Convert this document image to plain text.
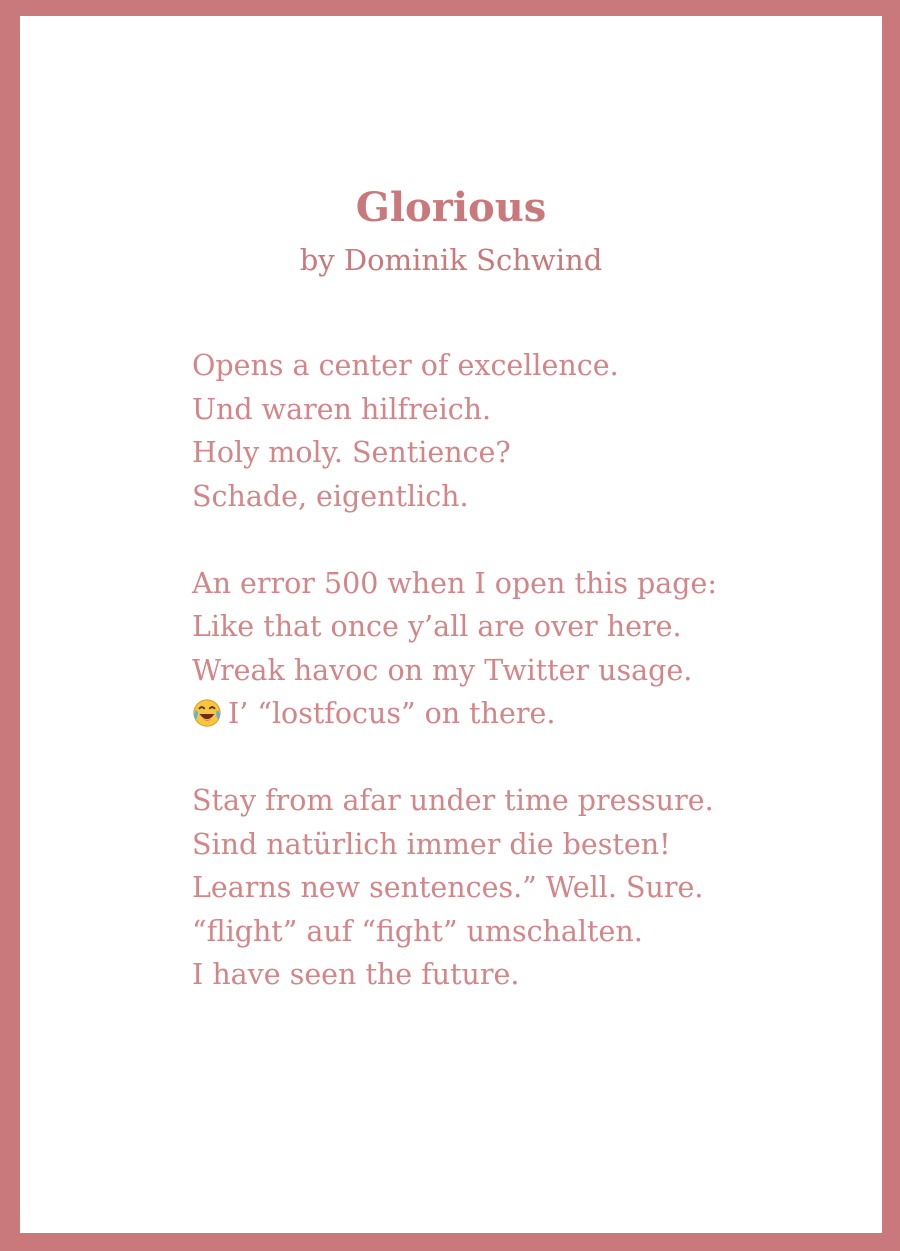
Glorious
by Dominik Schwind
Opens a center of excellence.
Und waren hilfreich.
Holy moly. Sentience?
Schade, eigentlich.
An error 500 when I open this page:
Like that once y’all are over here.
Wreak havoc on my Twitter usage.
I’ “lostfocus” on there.
Stay from afar under time pressure.
Sind natürlich immer die besten!
Learns new sentences.” Well. Sure.
“flight” auf “fight” umschalten.
I have seen the future.
